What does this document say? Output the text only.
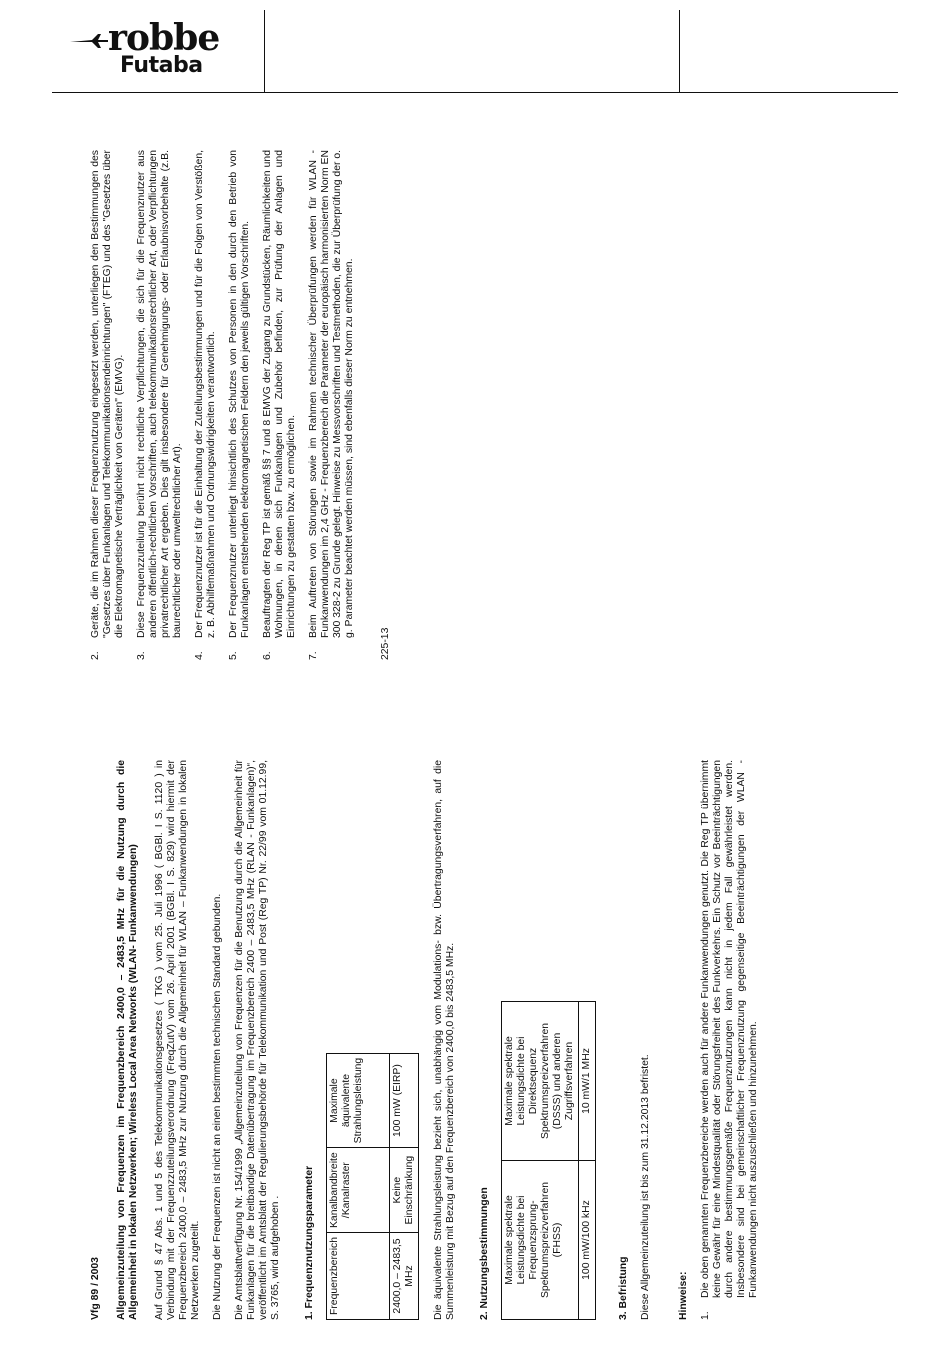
robbe
Futaba

Vfg 89 / 2003 Allgemeinzuteilung von Frequenzen im Frequenzbereich 2400,0 – 2483,5 MHz für die Nutzung durch die Allgemeinheit in lokalen Netzwerken; Wireless Local Area Networks (WLAN- Funkanwendungen) Auf Grund § 47 Abs. 1 und 5 des Telekommunikationsgesetzes ( TKG ) vom 25. Juli 1996 ( BGBl. I S. 1120 ) in Verbindung mit der Frequenzzuteilungsverordnung (FreqZutV) vom 26. April 2001 (BGBl. I S. 829) wird hiermit der Frequenzbereich 2400,0 – 2483,5 MHz zur Nutzung durch die Allgemeinheit für WLAN – Funkanwendungen in lokalen Netzwerken zugeteilt. Die Nutzung der Frequenzen ist nicht an einen bestimmten technischen Standard gebunden. Die Amtsblattverfügung Nr. 154/1999 „Allgemeinzuteilung von Frequenzen für die Benutzung durch die Allgemeinheit für Funkanlagen für die breitbandige Datenübertragung im Frequenzbereich 2400 – 2483,5 MHz (RLAN - Funkanlagen)“, veröffentlicht im Amtsblatt der Regulierungsbehörde für Telekommunikation und Post (Reg TP) Nr. 22/99 vom 01.12.99, S. 3765, wird aufgehoben . 1. Frequenznutzungsparameter Frequenzbereich	Kanalbandbreite /Kanalraster	Maximale äquivalente Strahlungsleistung
2400,0 – 2483,5 MHz	Keine Einschränkung	100 mW (EIRP)	Die äquivalente Strahlungsleistung bezieht sich, unabhängig vom Modulations- bzw. Übertragungsverfahren, auf die Summenleistung mit Bezug auf den Frequenzbereich von 2400,0 bis 2483,5 MHz. 2. Nutzungsbestimmungen Maximale spektrale Leistungsdichte bei Frequenzsprung-Spektrumspreizverfahren (FHSS)	Maximale spektrale Leistungsdichte bei Direktsequenz Spektrumspreizverfahren (DSSS) und anderen Zugriffsverfahren
100 mW/100 kHz	10 mW/1 MHz
3. Befristung Diese Allgemeinzuteilung ist bis zum 31.12.2013 befristet.	Hinweise: 1.
Die oben genannten Frequenzbereiche werden auch für andere Funkanwendungen genutzt. Die Reg TP übernimmt keine Gewähr für eine Mindestqualität oder Störungsfreiheit des Funkverkehrs. Ein Schutz vor Beeinträchtigungen durch andere bestimmungsgemäße Frequenznutzungen kann nicht in jedem Fall gewährleistet werden. Insbesondere sind bei gemeinschaftlicher Frequenznutzung gegenseitige Beeinträchtigungen der WLAN - Funkanwendungen nicht auszuschließen und hinzunehmen.
2.
Geräte, die im Rahmen dieser Frequenznutzung eingesetzt werden, unterliegen den Bestimmungen des "Gesetzes über Funkanlagen und Telekommunikationsendeinrichtungen" (FTEG) und des "Gesetzes über die Elektromagnetische Verträglichkeit von Geräten" (EMVG).
3.
Diese Frequenzzuteilung berührt nicht rechtliche Verpflichtungen, die sich für die Frequenznutzer aus anderen öffentlich-rechtlichen Vorschriften, auch telekommunikationsrechtlicher Art, oder Verpflichtungen privatrechtlicher Art ergeben. Dies gilt insbesondere für Genehmigungs- oder Erlaubnisvorbehalte (z.B. baurechtlicher oder umweltrechtlicher Art).
4.
Der Frequenznutzer ist für die Einhaltung der Zuteilungsbestimmungen und für die Folgen von Verstößen, z. B. Abhilfemaßnahmen und Ordnungswidrigkeiten verantwortlich.
5.
Der Frequenznutzer unterliegt hinsichtlich des Schutzes von Personen in den durch den Betrieb von Funkanlagen entstehenden elektromagnetischen Feldern den jeweils gültigen Vorschriften.
6.
Beauftragten der Reg TP ist gemäß §§ 7 und 8 EMVG der Zugang zu Grundstücken, Räumlichkeiten und Wohnungen, in denen sich Funkanlagen und Zubehör befinden, zur Prüfung der Anlagen und Einrichtungen zu gestatten bzw. zu ermöglichen.
7.
Beim Auftreten von Störungen sowie im Rahmen technischer Überprüfungen werden für WLAN - Funkanwendungen im 2,4 GHz - Frequenzbereich die Parameter der europäisch harmonisierten Norm EN 300 328-2 zu Grunde gelegt. Hinweise zu Messvorschriften und Testmethoden, die zur Überprüfung der o. g. Parameter beachtet werden müssen, sind ebenfalls dieser Norm zu entnehmen.

225-13
